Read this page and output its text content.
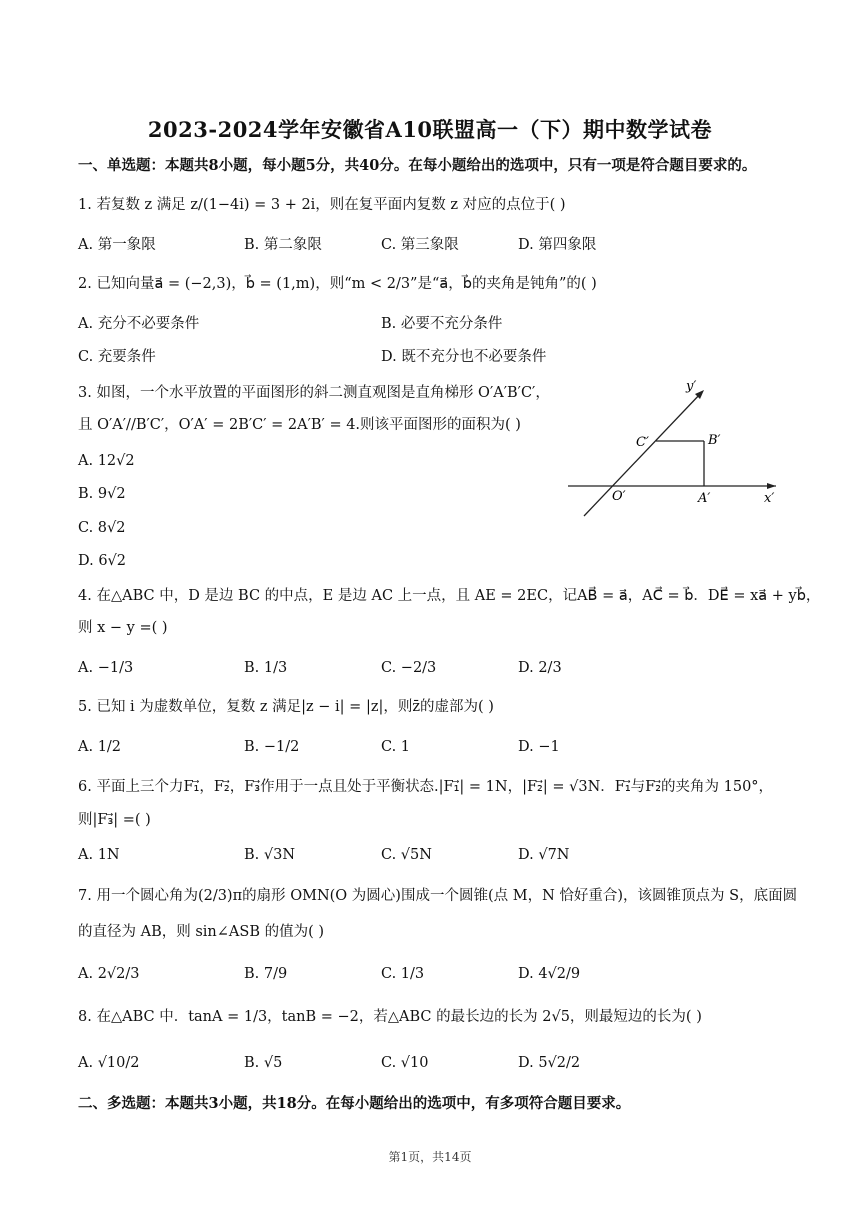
2023-2024学年安徽省A10联盟高一（下）期中数学试卷
一、单选题：本题共8小题，每小题5分，共40分。在每小题给出的选项中，只有一项是符合题目要求的。
1. 若复数 z 满足 z/(1−4i) = 3 + 2i，则在复平面内复数 z 对应的点位于( )
A. 第一象限	B. 第二象限	C. 第三象限	D. 第四象限
2. 已知向量a⃗ = (−2,3)，b⃗ = (1,m)，则“m < 2/3”是“a⃗，b⃗的夹角是钝角”的( )
A. 充分不必要条件	B. 必要不充分条件
C. 充要条件	D. 既不充分也不必要条件
3. 如图，一个水平放置的平面图形的斜二测直观图是直角梯形 O′A′B′C′，
且 O′A′//B′C′，O′A′ = 2B′C′ = 2A′B′ = 4.则该平面图形的面积为( )
A. 12√2
B. 9√2
C. 8√2
D. 6√2
y′
C′	B′
O′	A′	x′
4. 在△ABC 中，D 是边 BC 的中点，E 是边 AC 上一点，且 AE = 2EC，记AB⃗ = a⃗，AC⃗ = b⃗．DE⃗ = xa⃗ + yb⃗，
则 x − y =( )
A. −1/3	B. 1/3	C. −2/3	D. 2/3
5. 已知 i 为虚数单位，复数 z 满足|z − i| = |z|，则z̄的虚部为( )
A. 1/2	B. −1/2	C. 1	D. −1
6. 平面上三个力F₁⃗，F₂⃗，F₃⃗作用于一点且处于平衡状态.|F₁⃗| = 1N，|F₂⃗| = √3N．F₁⃗与F₂⃗的夹角为 150°，
则|F₃⃗| =( )
A. 1N	B. √3N	C. √5N	D. √7N
7. 用一个圆心角为(2/3)π的扇形 OMN(O 为圆心)围成一个圆锥(点 M，N 恰好重合)，该圆锥顶点为 S，底面圆
的直径为 AB，则 sin∠ASB 的值为( )
A. 2√2/3	B. 7/9	C. 1/3	D. 4√2/9
8. 在△ABC 中．tanA = 1/3，tanB = −2，若△ABC 的最长边的长为 2√5，则最短边的长为( )
A. √10/2	B. √5	C. √10	D. 5√2/2
二、多选题：本题共3小题，共18分。在每小题给出的选项中，有多项符合题目要求。
第1页，共14页
